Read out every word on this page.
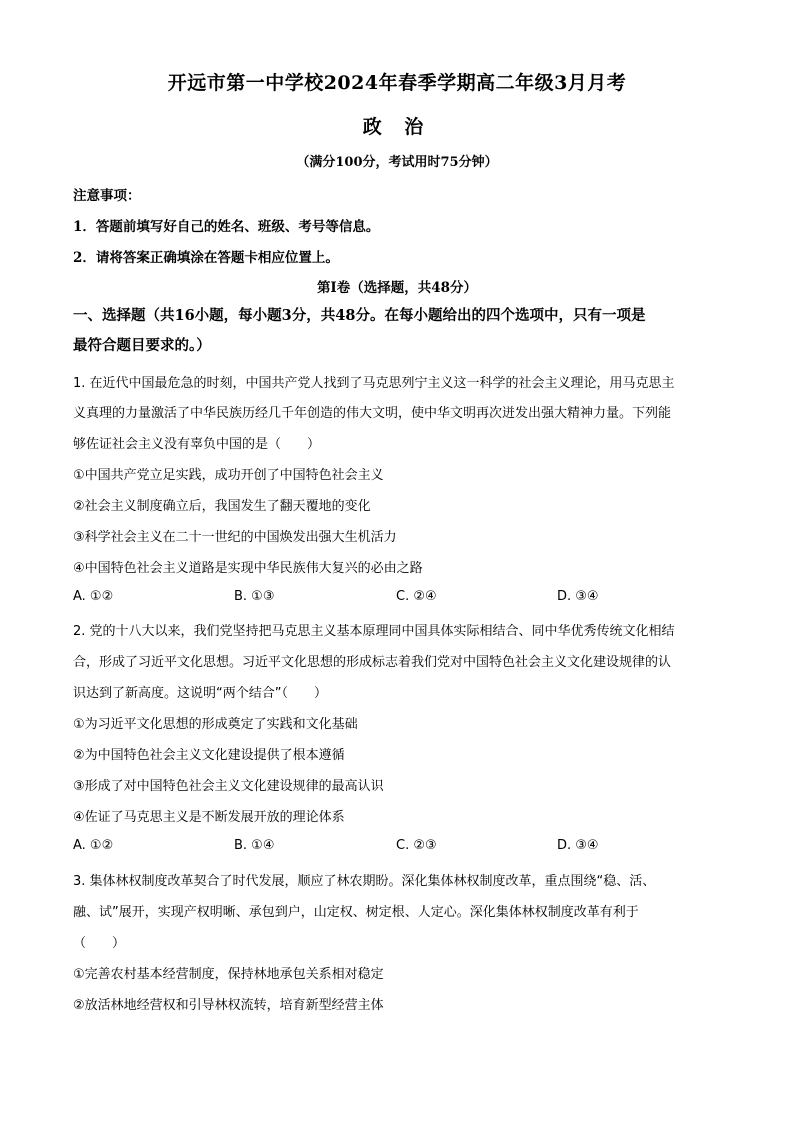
开远市第一中学校2024年春季学期高二年级3月月考
政 治
（满分100分，考试用时75分钟）
注意事项：
1．答题前填写好自己的姓名、班级、考号等信息。
2．请将答案正确填涂在答题卡相应位置上。
第I卷（选择题，共48分）
一、选择题（共16小题，每小题3分，共48分。在每小题给出的四个选项中，只有一项是
最符合题目要求的。）
1. 在近代中国最危急的时刻，中国共产党人找到了马克思列宁主义这一科学的社会主义理论，用马克思主
义真理的力量激活了中华民族历经几千年创造的伟大文明，使中华文明再次迸发出强大精神力量。下列能
够佐证社会主义没有辜负中国的是（　　）
①中国共产党立足实践，成功开创了中国特色社会主义
②社会主义制度确立后，我国发生了翻天覆地的变化
③科学社会主义在二十一世纪的中国焕发出强大生机活力
④中国特色社会主义道路是实现中华民族伟大复兴的必由之路
A. ①②	B. ①③	C. ②④	D. ③④
2. 党的十八大以来，我们党坚持把马克思主义基本原理同中国具体实际相结合、同中华优秀传统文化相结
合，形成了习近平文化思想。习近平文化思想的形成标志着我们党对中国特色社会主义文化建设规律的认
识达到了新高度。这说明“两个结合”（　　）
①为习近平文化思想的形成奠定了实践和文化基础
②为中国特色社会主义文化建设提供了根本遵循
③形成了对中国特色社会主义文化建设规律的最高认识
④佐证了马克思主义是不断发展开放的理论体系
A. ①②	B. ①④	C. ②③	D. ③④
3. 集体林权制度改革契合了时代发展，顺应了林农期盼。深化集体林权制度改革，重点围绕“稳、活、
融、试”展开，实现产权明晰、承包到户，山定权、树定根、人定心。深化集体林权制度改革有利于
（　　）
①完善农村基本经营制度，保持林地承包关系相对稳定
②放活林地经营权和引导林权流转，培育新型经营主体
